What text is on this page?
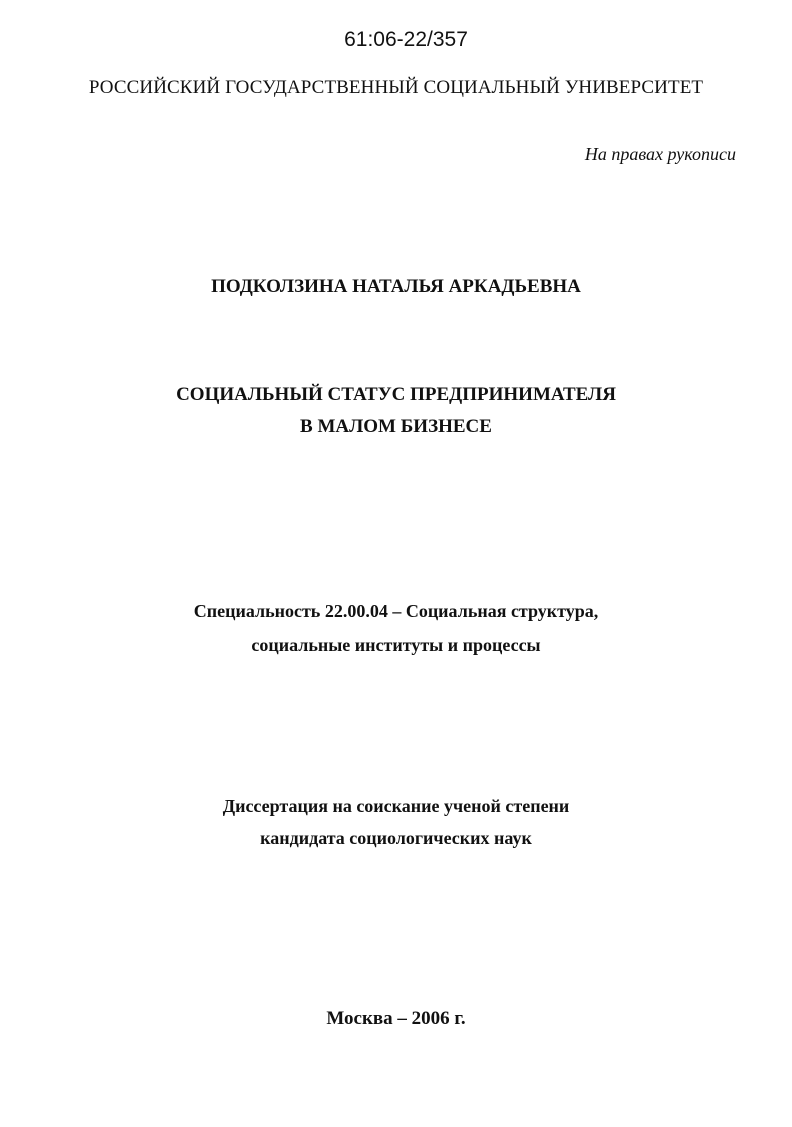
61:06-22/357
РОССИЙСКИЙ ГОСУДАРСТВЕННЫЙ СОЦИАЛЬНЫЙ УНИВЕРСИТЕТ
На правах рукописи
ПОДКОЛЗИНА НАТАЛЬЯ АРКАДЬЕВНА
СОЦИАЛЬНЫЙ СТАТУС ПРЕДПРИНИМАТЕЛЯ
В МАЛОМ БИЗНЕСЕ
Специальность 22.00.04 – Социальная структура,
социальные институты и процессы
Диссертация на соискание ученой степени
кандидата социологических наук
Москва – 2006 г.
